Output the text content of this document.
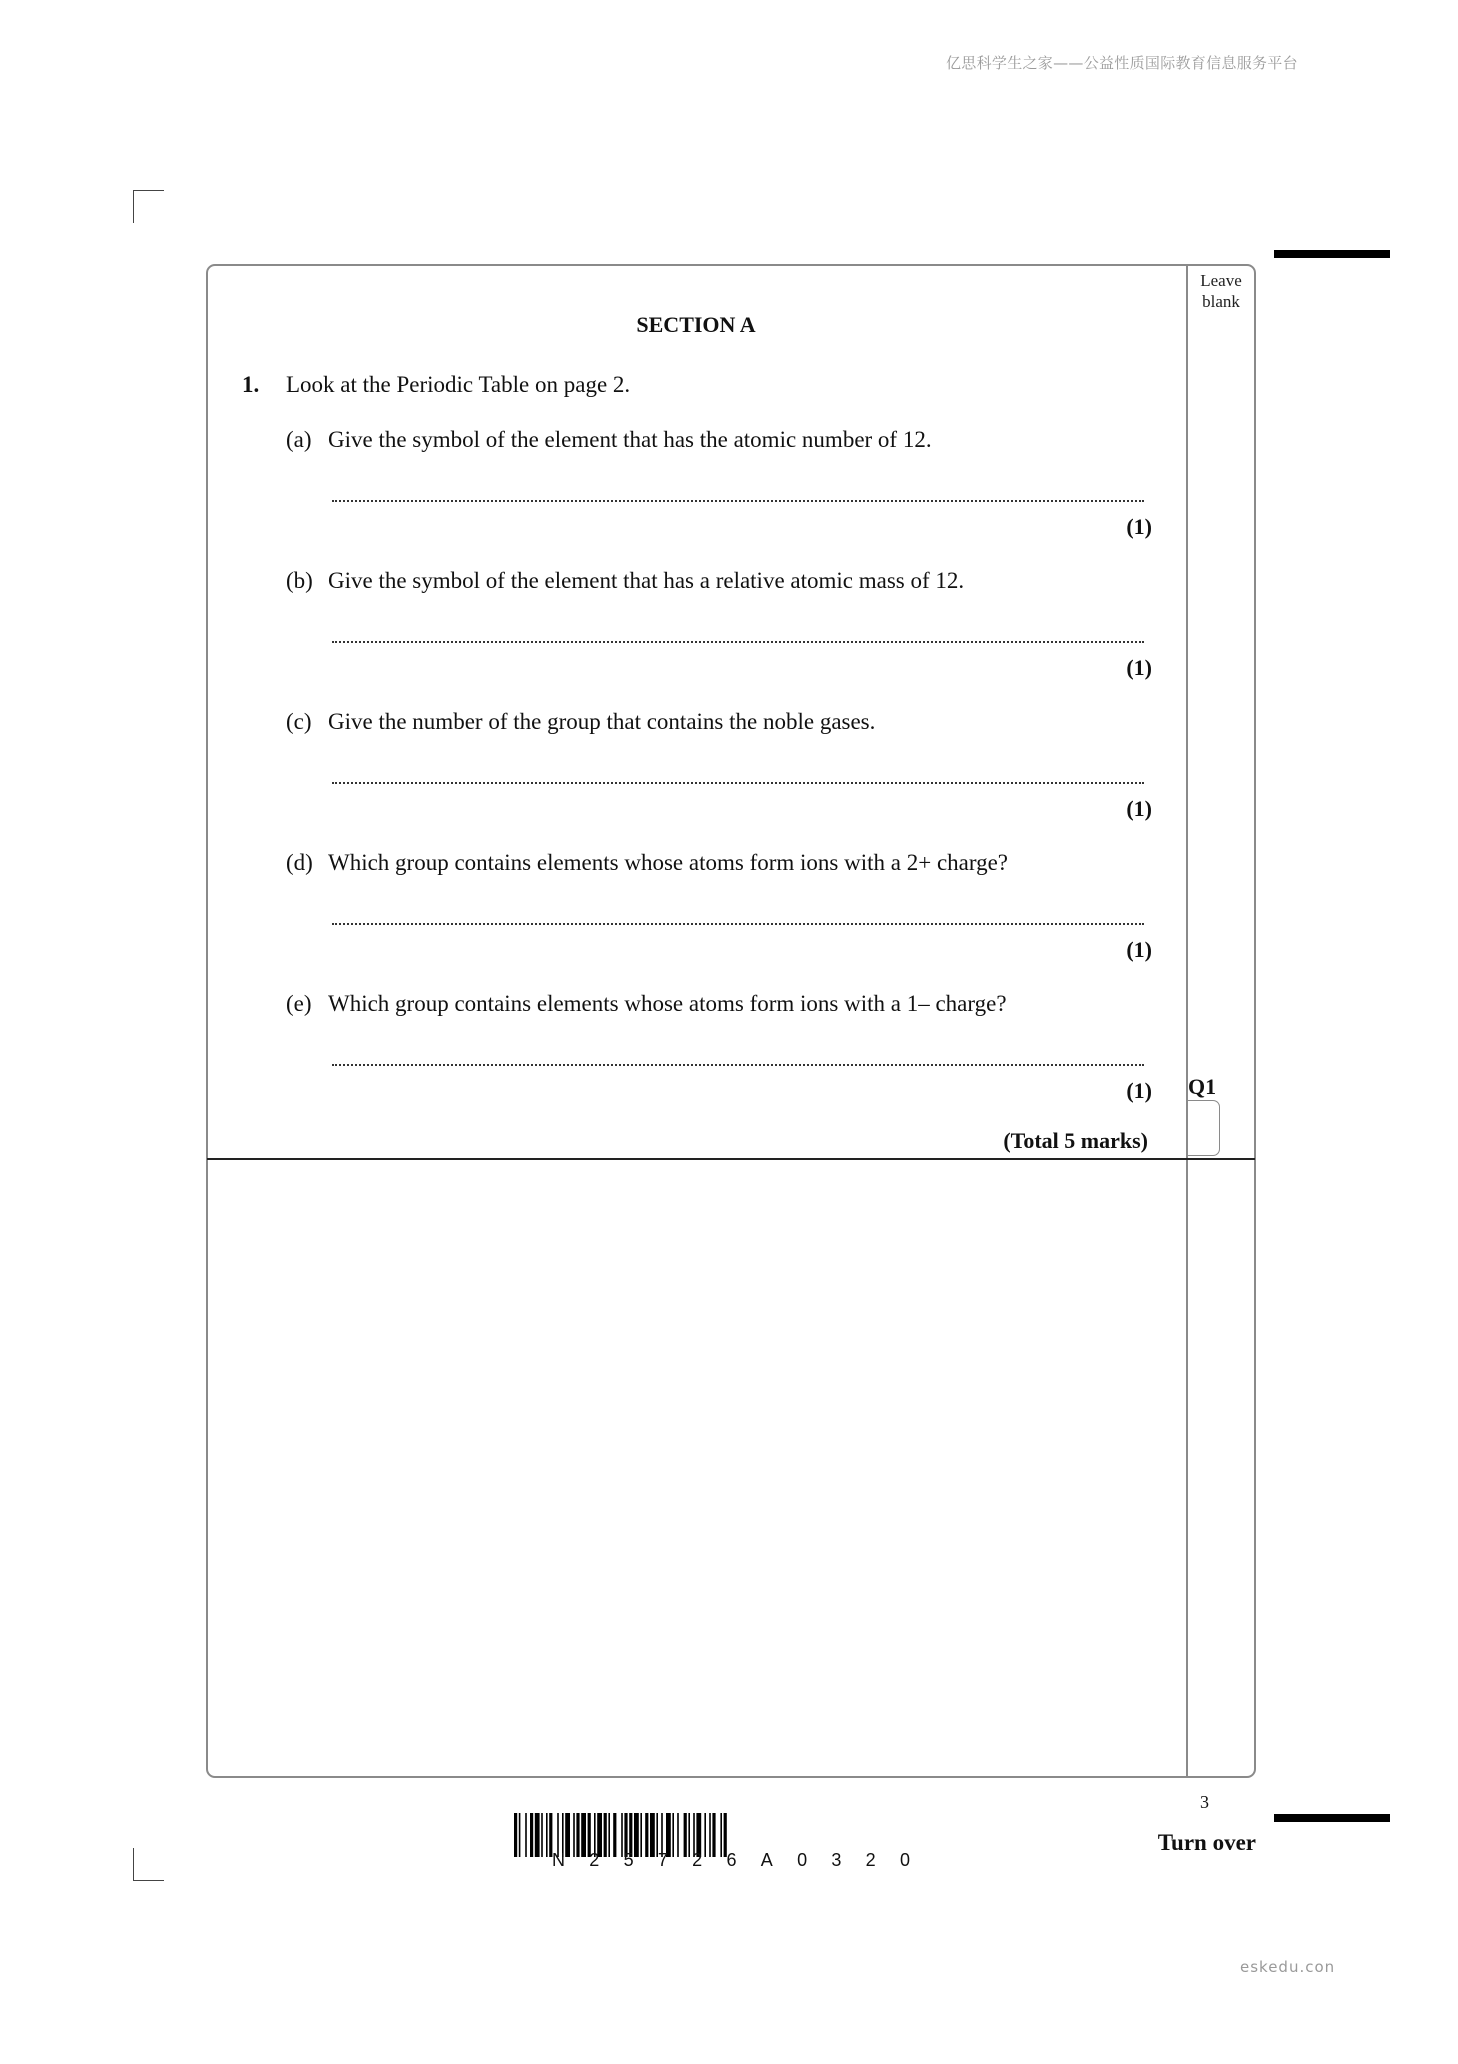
亿思科学生之家——公益性质国际教育信息服务平台
Leave blank
SECTION A
1. Look at the Periodic Table on page 2.
(a) Give the symbol of the element that has the atomic number of 12.
(1)
(b) Give the symbol of the element that has a relative atomic mass of 12.
(1)
(c) Give the number of the group that contains the noble gases.
(1)
(d) Which group contains elements whose atoms form ions with a 2+ charge?
(1)
(e) Which group contains elements whose atoms form ions with a 1– charge?
(1) Q1
(Total 5 marks)
3
Turn over
N 2 5 7 2 6 A 0 3 2 0
eskedu.con
